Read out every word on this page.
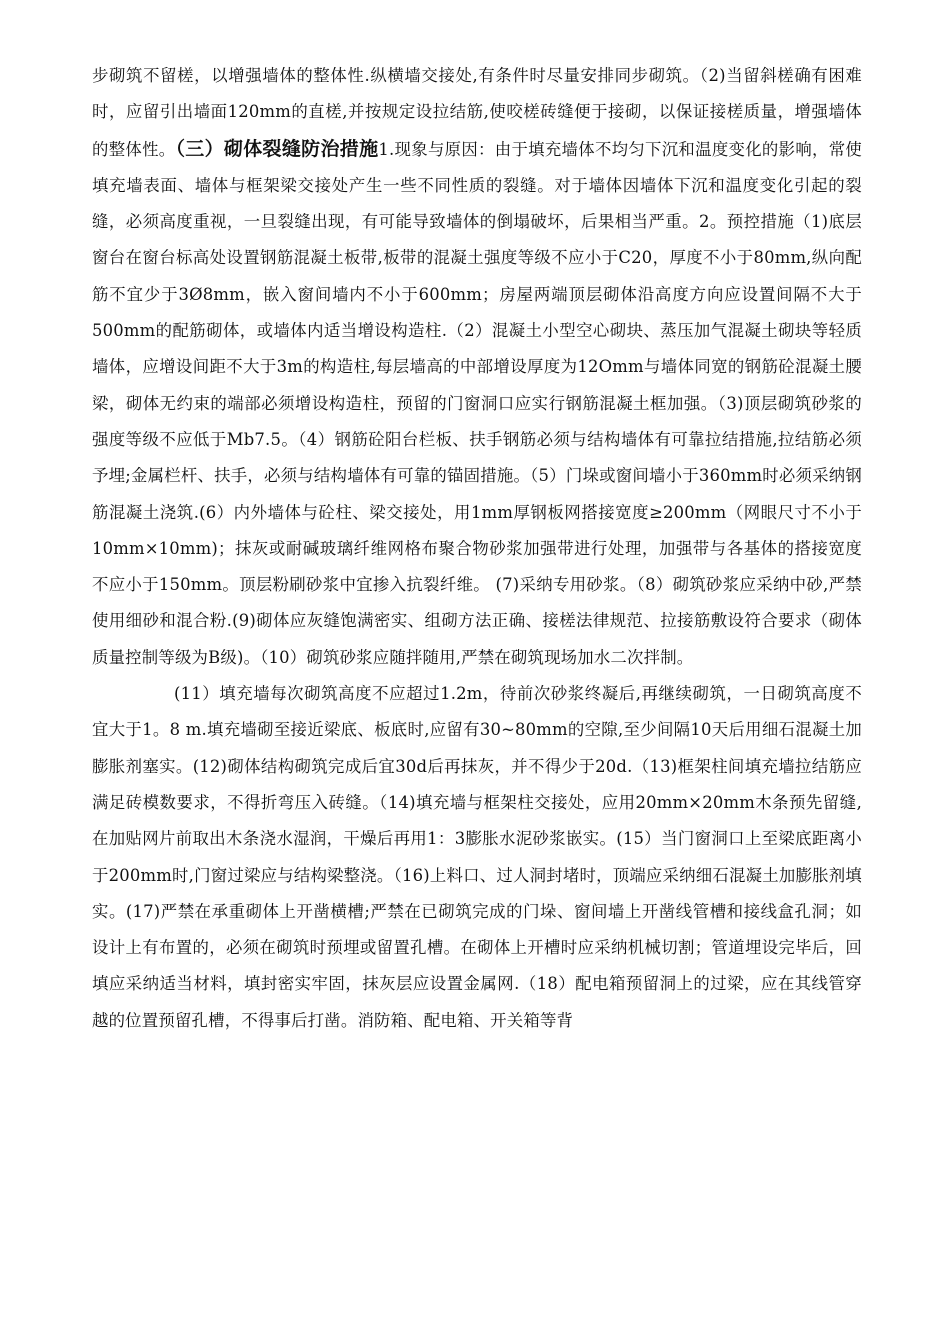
步砌筑不留槎，以增强墙体的整体性.纵横墙交接处,有条件时尽量安排同步砌筑。（2)当留斜槎确有困难时，应留引出墙面120mm的直槎,并按规定设拉结筋,使咬槎砖缝便于接砌，以保证接槎质量，增强墙体的整体性。（三）砌体裂缝防治措施1.现象与原因：由于填充墙体不均匀下沉和温度变化的影响，常使填充墙表面、墙体与框架梁交接处产生一些不同性质的裂缝。对于墙体因墙体下沉和温度变化引起的裂缝，必须高度重视，一旦裂缝出现，有可能导致墙体的倒塌破坏，后果相当严重。2。预控措施（1)底层窗台在窗台标高处设置钢筋混凝土板带,板带的混凝土强度等级不应小于C20，厚度不小于80mm,纵向配筋不宜少于3Ø8mm，嵌入窗间墙内不小于600mm；房屋两端顶层砌体沿高度方向应设置间隔不大于500mm的配筋砌体，或墙体内适当增设构造柱.（2）混凝土小型空心砌块、蒸压加气混凝土砌块等轻质墙体，应增设间距不大于3m的构造柱,每层墙高的中部增设厚度为12Omm与墙体同宽的钢筋砼混凝土腰梁，砌体无约束的端部必须增设构造柱，预留的门窗洞口应实行钢筋混凝土框加强。（3)顶层砌筑砂浆的强度等级不应低于Mb7.5。（4）钢筋砼阳台栏板、扶手钢筋必须与结构墙体有可靠拉结措施,拉结筋必须予埋;金属栏杆、扶手，必须与结构墙体有可靠的锚固措施。（5）门垛或窗间墙小于360mm时必须采纳钢筋混凝土浇筑.(6）内外墙体与砼柱、梁交接处，用1mm厚钢板网搭接宽度≥200mm（网眼尺寸不小于10mm×10mm)；抹灰或耐碱玻璃纤维网格布聚合物砂浆加强带进行处理，加强带与各基体的搭接宽度不应小于150mm。顶层粉刷砂浆中宜掺入抗裂纤维。 (7)采纳专用砂浆。（8）砌筑砂浆应采纳中砂,严禁使用细砂和混合粉.(9)砌体应灰缝饱满密实、组砌方法正确、接槎法律规范、拉接筋敷设符合要求（砌体质量控制等级为B级)。（10）砌筑砂浆应随拌随用,严禁在砌筑现场加水二次拌制。

(11）填充墙每次砌筑高度不应超过1.2m，待前次砂浆终凝后,再继续砌筑，一日砌筑高度不宜大于1。8 m.填充墙砌至接近梁底、板底时,应留有30~80mm的空隙,至少间隔10天后用细石混凝土加膨胀剂塞实。(12)砌体结构砌筑完成后宜30d后再抹灰，并不得少于20d.（13)框架柱间填充墙拉结筋应满足砖模数要求，不得折弯压入砖缝。（14)填充墙与框架柱交接处，应用20mm×20mm木条预先留缝,在加贴网片前取出木条浇水湿润，干燥后再用1：3膨胀水泥砂浆嵌实。(15）当门窗洞口上至梁底距离小于200mm时,门窗过梁应与结构梁整浇。（16)上料口、过人洞封堵时，顶端应采纳细石混凝土加膨胀剂填实。(17)严禁在承重砌体上开凿横槽;严禁在已砌筑完成的门垛、窗间墙上开凿线管槽和接线盒孔洞；如设计上有布置的，必须在砌筑时预埋或留置孔槽。在砌体上开槽时应采纳机械切割；管道埋设完毕后，回填应采纳适当材料，填封密实牢固，抹灰层应设置金属网.（18）配电箱预留洞上的过梁，应在其线管穿越的位置预留孔槽，不得事后打凿。消防箱、配电箱、开关箱等背
